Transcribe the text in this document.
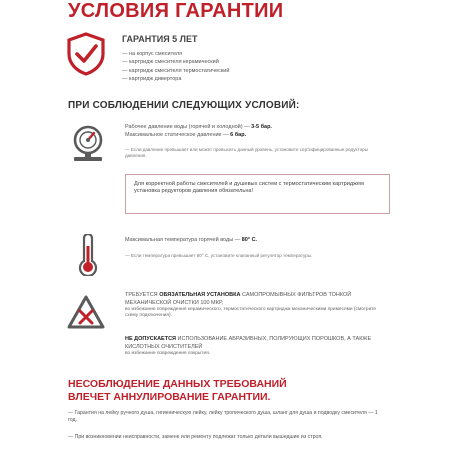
УСЛОВИЯ ГАРАНТИИ
ГАРАНТИЯ 5 ЛЕТ
— на корпус смесителя
— картридж смесителя керамический
— картридж смесителя термостатический
— картридж дивертора
ПРИ СОБЛЮДЕНИИ СЛЕДУЮЩИХ УСЛОВИЙ:
Рабочее давление воды (горячей и холодной) — 3-5 бар.
Максимальное статическое давление — 6 бар.
— Если давление превышает или может превысить данный уровень, установите сертифицированные редукторы давления.
Для корректной работы смесителей и душевых систем с термостатическим картриджем установка редукторов давления обязательна!
Максимальная температура горячей воды — 80° С.
— Если температура превышает 80° С, установите клапанный регулятор температуры.
ТРЕБУЕТСЯ ОБЯЗАТЕЛЬНАЯ УСТАНОВКА САМОПРОМЫВНЫХ ФИЛЬТРОВ ТОНКОЙ МЕХАНИЧЕСКОЙ ОЧИСТКИ 100 МКР,
во избежание повреждения керамического, термостатического картриджа механическими примесями (смотрите схему подключения).
НЕ ДОПУСКАЕТСЯ ИСПОЛЬЗОВАНИЕ АБРАЗИВНЫХ, ПОЛИРУЮЩИХ ПОРОШКОВ, А ТАКЖЕ КИСЛОТНЫХ ОЧИСТИТЕЛЕЙ
во избежание повреждения покрытия.
НЕСОБЛЮДЕНИЕ ДАННЫХ ТРЕБОВАНИЙ
ВЛЕЧЕТ АННУЛИРОВАНИЕ ГАРАНТИИ.
— Гарантия на лейку ручного душа, гигиеническую лейку, лейку тропического душа, шланг для душа и подводку смесителя — 1 год.
— При возникновении неисправности, замене или ремонту подлежат только детали вышедшие из строя.
